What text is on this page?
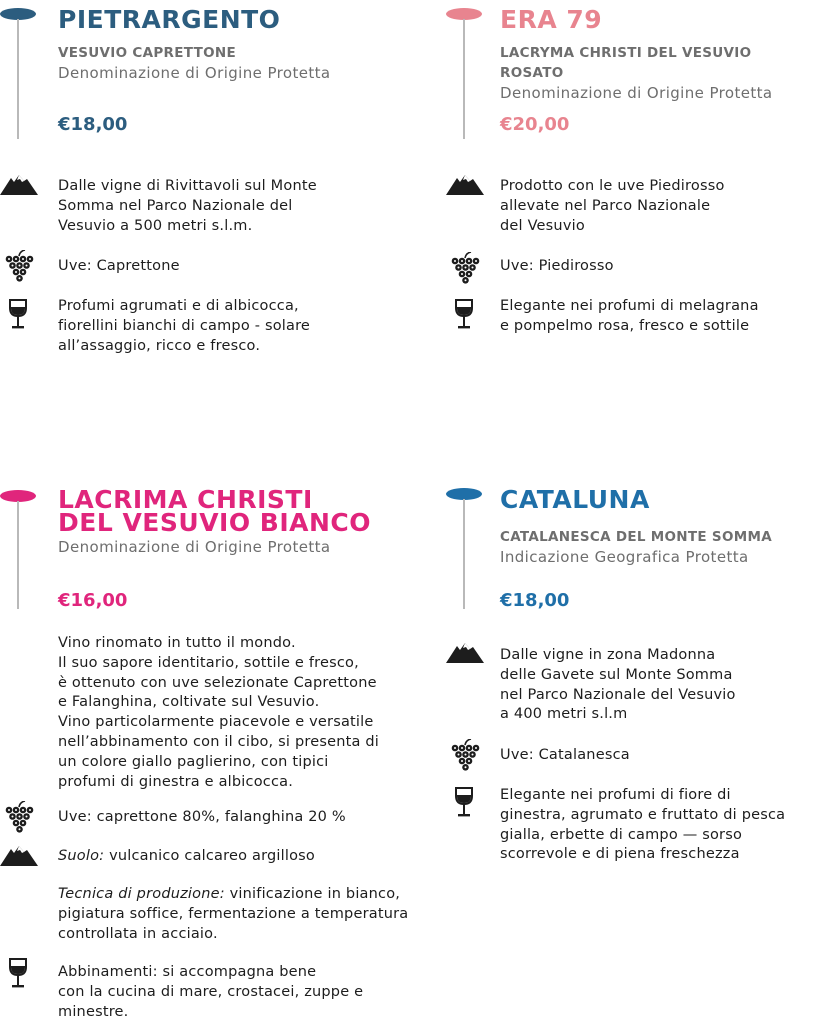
PIETRARGENTO
VESUVIO CAPRETTONE
Denominazione di Origine Protetta
€18,00
Dalle vigne di Rivittavoli sul Monte
Somma nel Parco Nazionale del
Vesuvio a 500 metri s.l.m.
Uve: Caprettone
Profumi agrumati e di albicocca,
fiorellini bianchi di campo - solare
all’assaggio, ricco e fresco.
ERA 79
LACRYMA CHRISTI DEL VESUVIO ROSATO
Denominazione di Origine Protetta
€20,00
Prodotto con le uve Piedirosso
allevate nel Parco Nazionale
del Vesuvio
Uve: Piedirosso
Elegante nei profumi di melagrana
e pompelmo rosa, fresco e sottile
LACRIMA CHRISTI
DEL VESUVIO BIANCO
Denominazione di Origine Protetta
€16,00
Vino rinomato in tutto il mondo.
Il suo sapore identitario, sottile e fresco,
è ottenuto con uve selezionate Caprettone
e Falanghina, coltivate sul Vesuvio.
Vino particolarmente piacevole e versatile
nell’abbinamento con il cibo, si presenta di
un colore giallo paglierino, con tipici
profumi di ginestra e albicocca.
Uve: caprettone 80%, falanghina 20 %
Suolo: vulcanico calcareo argilloso
Tecnica di produzione: vinificazione in bianco,
pigiatura soffice, fermentazione a temperatura
controllata in acciaio.
Abbinamenti: si accompagna bene
con la cucina di mare, crostacei, zuppe e
minestre.
CATALUNA
CATALANESCA DEL MONTE SOMMA
Indicazione Geografica Protetta
€18,00
Dalle vigne in zona Madonna
delle Gavete sul Monte Somma
nel Parco Nazionale del Vesuvio
a 400 metri s.l.m
Uve: Catalanesca
Elegante nei profumi di fiore di
ginestra, agrumato e fruttato di pesca
gialla, erbette di campo — sorso
scorrevole e di piena freschezza
